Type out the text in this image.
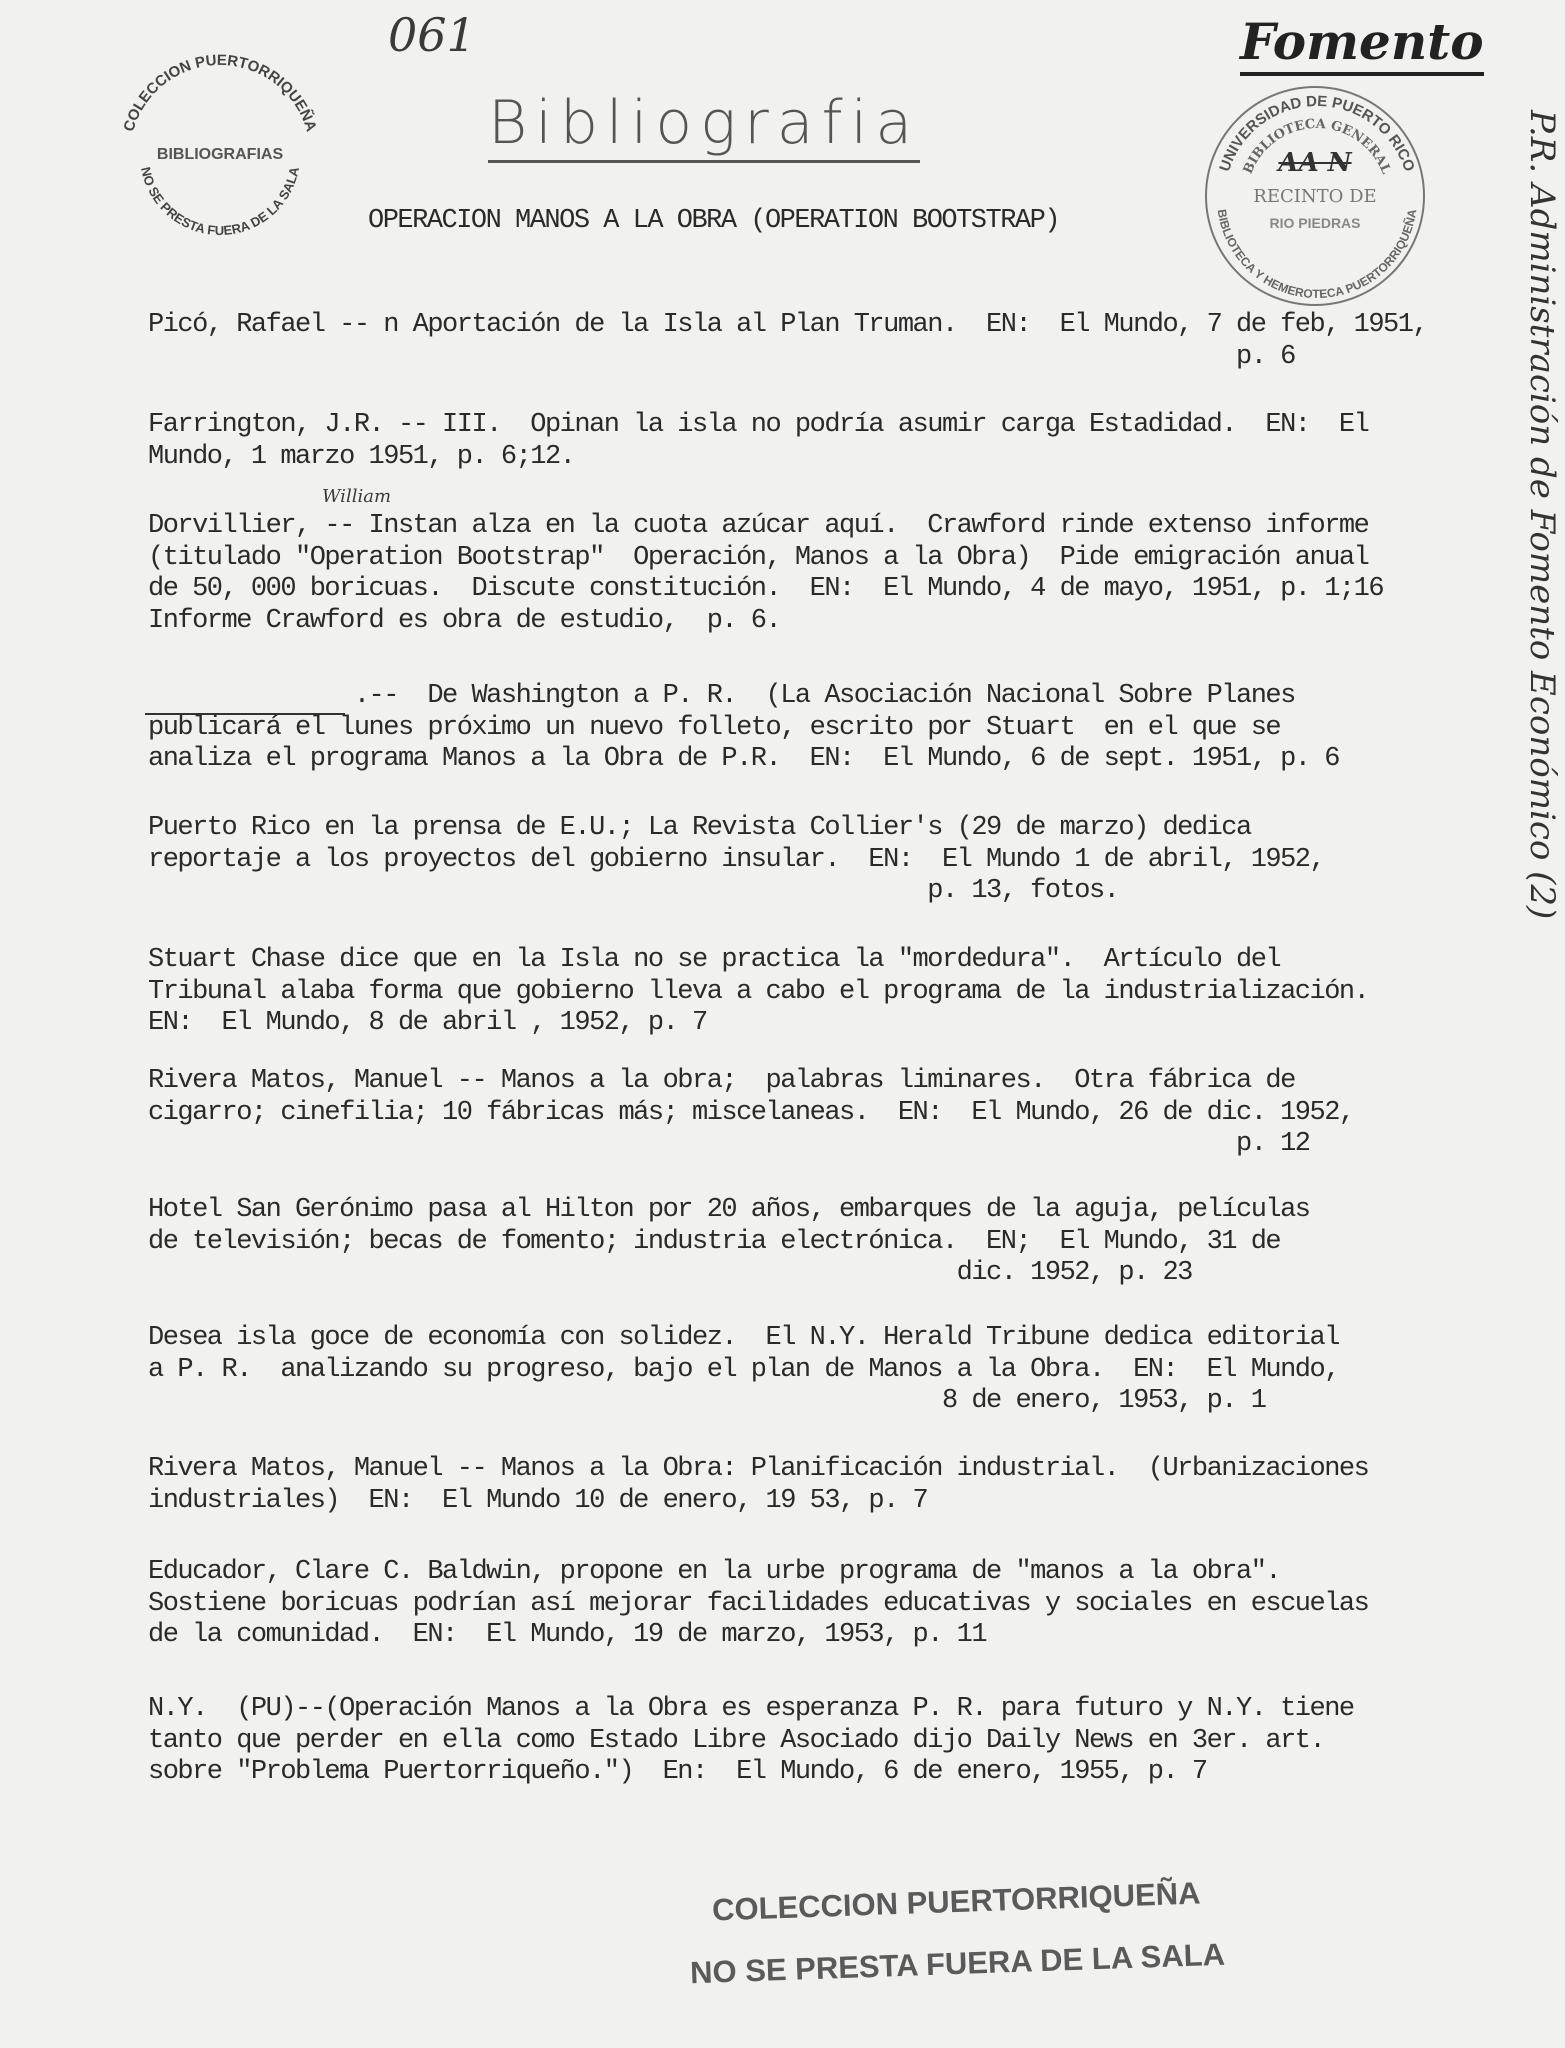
061
Bibliografia
Fomento
William	P.R. Administración de Fomento Económico (2)
COLECCION PUERTORRIQUEÑA
NO SE PRESTA FUERA DE LA SALA
BIBLIOGRAFIAS
UNIVERSIDAD DE PUERTO RICO
BIBLIOTECA GENERAL
BIBLIOTECA Y HEMEROTECA PUERTORRIQUEÑA
AA N
RECINTO DE
RIO PIEDRAS
OPERACION MANOS A LA OBRA (OPERATION BOOTSTRAP)
Picó, Rafael -- n Aportación de la Isla al Plan Truman.  EN:  El Mundo, 7 de feb, 1951,
p. 6
Farrington, J.R. -- III.  Opinan la isla no podría asumir carga Estadidad.  EN:  El
Mundo, 1 marzo 1951, p. 6;12.
Dorvillier, -- Instan alza en la cuota azúcar aquí.  Crawford rinde extenso informe
(titulado "Operation Bootstrap"  Operación, Manos a la Obra)  Pide emigración anual
de 50, 000 boricuas.  Discute constitución.  EN:  El Mundo, 4 de mayo, 1951, p. 1;16
Informe Crawford es obra de estudio,  p. 6.
.--  De Washington a P. R.  (La Asociación Nacional Sobre Planes
publicará el lunes próximo un nuevo folleto, escrito por Stuart  en el que se
analiza el programa Manos a la Obra de P.R.  EN:  El Mundo, 6 de sept. 1951, p. 6
Puerto Rico en la prensa de E.U.; La Revista Collier's (29 de marzo) dedica
reportaje a los proyectos del gobierno insular.  EN:  El Mundo 1 de abril, 1952,
p. 13, fotos.
Stuart Chase dice que en la Isla no se practica la "mordedura".  Artículo del
Tribunal alaba forma que gobierno lleva a cabo el programa de la industrialización.
EN:  El Mundo, 8 de abril , 1952, p. 7
Rivera Matos, Manuel -- Manos a la obra;  palabras liminares.  Otra fábrica de
cigarro; cinefilia; 10 fábricas más; miscelaneas.  EN:  El Mundo, 26 de dic. 1952,
p. 12
Hotel San Gerónimo pasa al Hilton por 20 años, embarques de la aguja, películas
de televisión; becas de fomento; industria electrónica.  EN;  El Mundo, 31 de
dic. 1952, p. 23
Desea isla goce de economía con solidez.  El N.Y. Herald Tribune dedica editorial
a P. R.  analizando su progreso, bajo el plan de Manos a la Obra.  EN:  El Mundo,
8 de enero, 1953, p. 1
Rivera Matos, Manuel -- Manos a la Obra: Planificación industrial.  (Urbanizaciones
industriales)  EN:  El Mundo 10 de enero, 19 53, p. 7
Educador, Clare C. Baldwin, propone en la urbe programa de "manos a la obra".
Sostiene boricuas podrían así mejorar facilidades educativas y sociales en escuelas
de la comunidad.  EN:  El Mundo, 19 de marzo, 1953, p. 11
N.Y.  (PU)--(Operación Manos a la Obra es esperanza P. R. para futuro y N.Y. tiene
tanto que perder en ella como Estado Libre Asociado dijo Daily News en 3er. art.
sobre "Problema Puertorriqueño.")  En:  El Mundo, 6 de enero, 1955, p. 7
COLECCION PUERTORRIQUEÑA
NO SE PRESTA FUERA DE LA SALA
